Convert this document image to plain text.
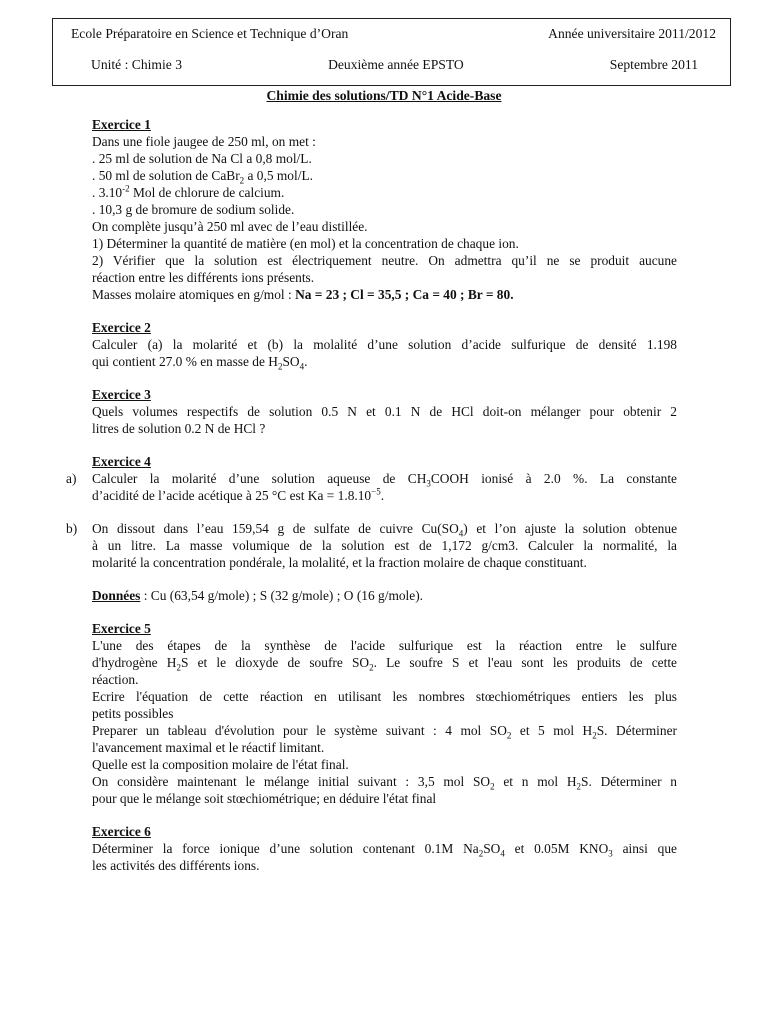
Ecole Préparatoire en Science et Technique d’Oran	Année universitaire 2011/2012
Unité : Chimie 3	Deuxième année EPSTO	Septembre 2011
Chimie des solutions/TD N°1 Acide-Base
Exercice 1
Dans une fiole jaugee de 250 ml, on met :
. 25 ml de solution de Na Cl a 0,8 mol/L.
. 50 ml de solution de CaBr$_2$ a 0,5 mol/L.
. $3.10^{-2}$ Mol de chlorure de calcium.
. 10,3 g de bromure de sodium solide.
On complète jusqu’à 250 ml avec de l’eau distillée.
1) Déterminer la quantité de matière (en mol) et la concentration de chaque ion.
2) Vérifier que la solution est électriquement neutre. On admettra qu’il ne se produit aucune
réaction entre les différents ions présents.
Masses molaire atomiques en g/mol : Na = 23 ; Cl = 35,5 ; Ca = 40 ; Br = 80.
Exercice 2
Calculer (a) la molarité et (b) la molalité d’une solution d’acide sulfurique de densité 1.198
qui contient 27.0 % en masse de $H_2SO_4$.
Exercice 3
Quels volumes respectifs de solution 0.5 N et 0.1 N de HCl doit-on mélanger pour obtenir 2
litres de solution 0.2 N de HCl ?
Exercice 4
a) Calculer la molarité d’une solution aqueuse de $CH_3COOH$ ionisé à 2.0 %. La constante
d’acidité de l’acide acétique à 25 °C est $Ka = 1.8.10^{-5}$.
b) On dissout dans l’eau 159,54 g de sulfate de cuivre $Cu(SO_4)$ et l’on ajuste la solution obtenue
à un litre. La masse volumique de la solution est de 1,172 g/cm3. Calculer la normalité, la
molarité la concentration pondérale, la molalité, et la fraction molaire de chaque constituant.
Données : Cu (63,54 g/mole) ; S (32 g/mole) ; O (16 g/mole).
Exercice 5
L'une des étapes de la synthèse de l'acide sulfurique est la réaction entre le sulfure
d'hydrogène $H_2S$ et le dioxyde de soufre $SO_2$. Le soufre S et l'eau sont les produits de cette
réaction.
Ecrire l'équation de cette réaction en utilisant les nombres stœchiométriques entiers les plus
petits possibles
Preparer un tableau d'évolution pour le système suivant : 4 mol $SO_2$ et 5 mol $H_2S$. Déterminer
l'avancement maximal et le réactif limitant.
Quelle est la composition molaire de l'état final.
On considère maintenant le mélange initial suivant : 3,5 mol $SO_2$ et n mol $H_2S$. Déterminer n
pour que le mélange soit stœchiométrique; en déduire l'état final
Exercice 6
Déterminer la force ionique d’une solution contenant 0.1M $Na_2SO_4$ et 0.05M $KNO_3$ ainsi que
les activités des différents ions.
